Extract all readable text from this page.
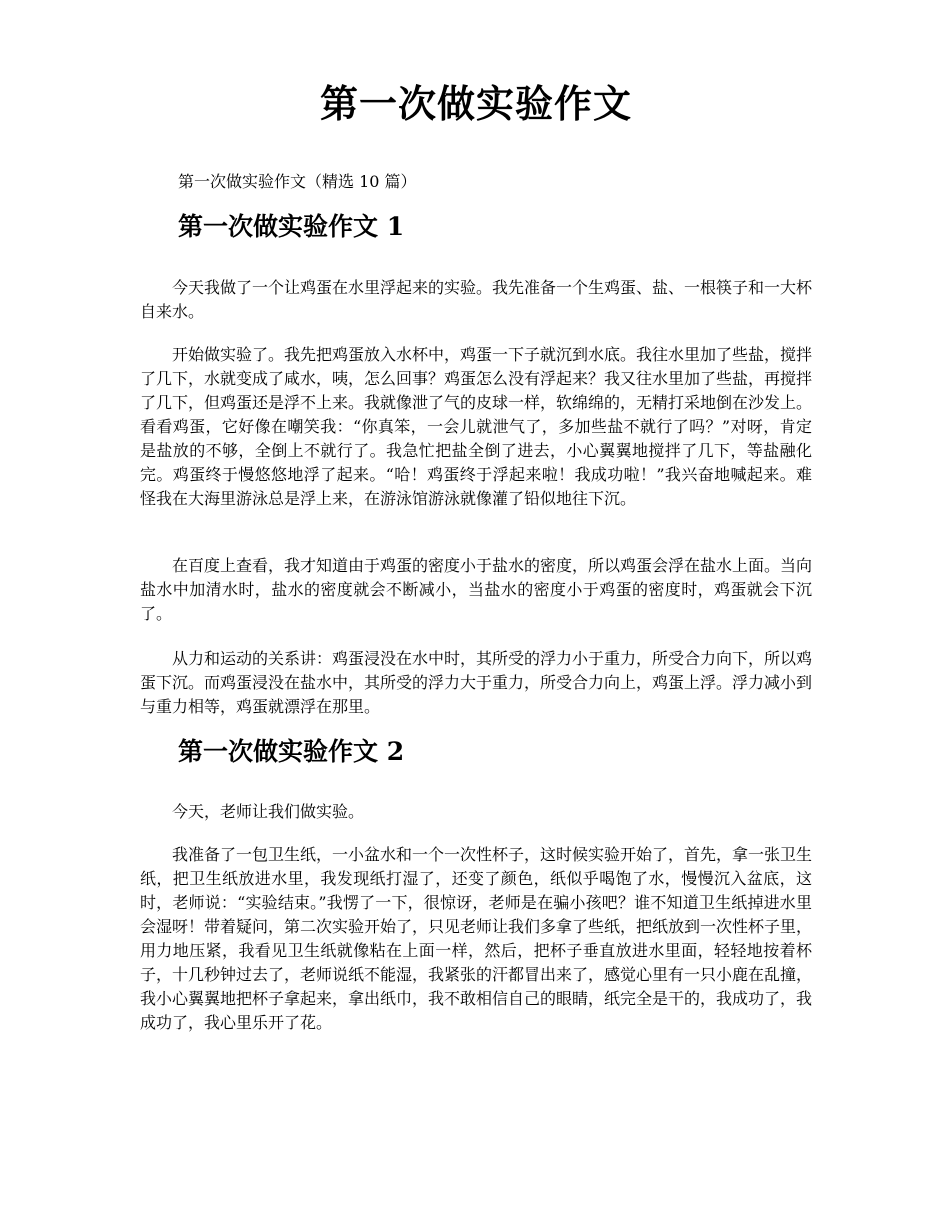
第一次做实验作文
第一次做实验作文（精选 10 篇）
第一次做实验作文 1

今天我做了一个让鸡蛋在水里浮起来的实验。我先准备一个生鸡蛋、盐、一根筷子和一大杯自来水。

开始做实验了。我先把鸡蛋放入水杯中，鸡蛋一下子就沉到水底。我往水里加了些盐，搅拌了几下，水就变成了咸水，咦，怎么回事？鸡蛋怎么没有浮起来？我又往水里加了些盐，再搅拌了几下，但鸡蛋还是浮不上来。我就像泄了气的皮球一样，软绵绵的，无精打采地倒在沙发上。看看鸡蛋，它好像在嘲笑我：“你真笨，一会儿就泄气了，多加些盐不就行了吗？”对呀，肯定是盐放的不够，全倒上不就行了。我急忙把盐全倒了进去，小心翼翼地搅拌了几下，等盐融化完。鸡蛋终于慢悠悠地浮了起来。“哈！鸡蛋终于浮起来啦！我成功啦！”我兴奋地喊起来。难怪我在大海里游泳总是浮上来，在游泳馆游泳就像灌了铅似地往下沉。

在百度上查看，我才知道由于鸡蛋的密度小于盐水的密度，所以鸡蛋会浮在盐水上面。当向盐水中加清水时，盐水的密度就会不断减小，当盐水的密度小于鸡蛋的密度时，鸡蛋就会下沉了。

从力和运动的关系讲：鸡蛋浸没在水中时，其所受的浮力小于重力，所受合力向下，所以鸡蛋下沉。而鸡蛋浸没在盐水中，其所受的浮力大于重力，所受合力向上，鸡蛋上浮。浮力减小到与重力相等，鸡蛋就漂浮在那里。

第一次做实验作文 2

今天，老师让我们做实验。

我准备了一包卫生纸，一小盆水和一个一次性杯子，这时候实验开始了，首先，拿一张卫生纸，把卫生纸放进水里，我发现纸打湿了，还变了颜色，纸似乎喝饱了水，慢慢沉入盆底，这时，老师说：“实验结束。”我愣了一下，很惊讶，老师是在骗小孩吧？谁不知道卫生纸掉进水里会湿呀！带着疑问，第二次实验开始了，只见老师让我们多拿了些纸，把纸放到一次性杯子里，用力地压紧，我看见卫生纸就像粘在上面一样，然后，把杯子垂直放进水里面，轻轻地按着杯子，十几秒钟过去了，老师说纸不能湿，我紧张的汗都冒出来了，感觉心里有一只小鹿在乱撞，我小心翼翼地把杯子拿起来，拿出纸巾，我不敢相信自己的眼睛，纸完全是干的，我成功了，我成功了，我心里乐开了花。
